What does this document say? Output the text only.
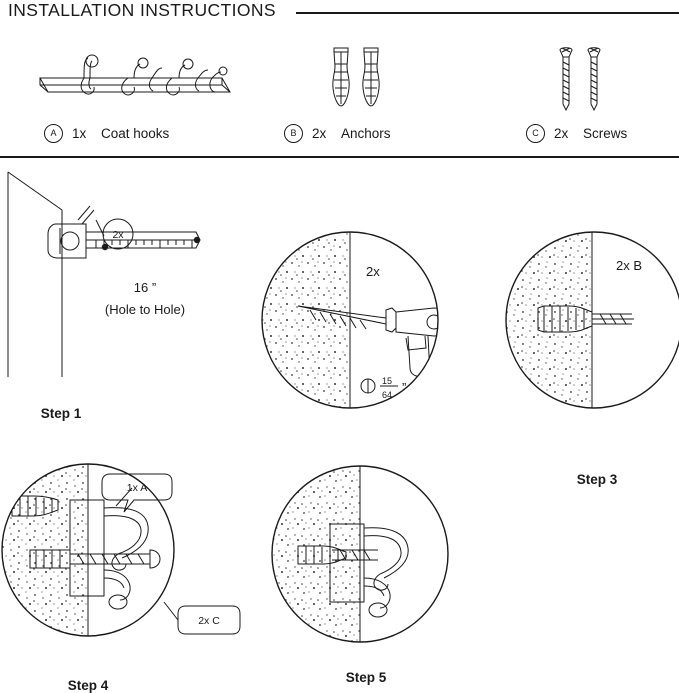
INSTALLATION INSTRUCTIONS
A	1x	Coat hooks	B	2x	Anchors	C	2x	Screws
2x
16 ”
(Hole to Hole)
Step 1
2x
15
64 ”
2x B
Step 3
1x A
2x C
Step 4
Step 5
